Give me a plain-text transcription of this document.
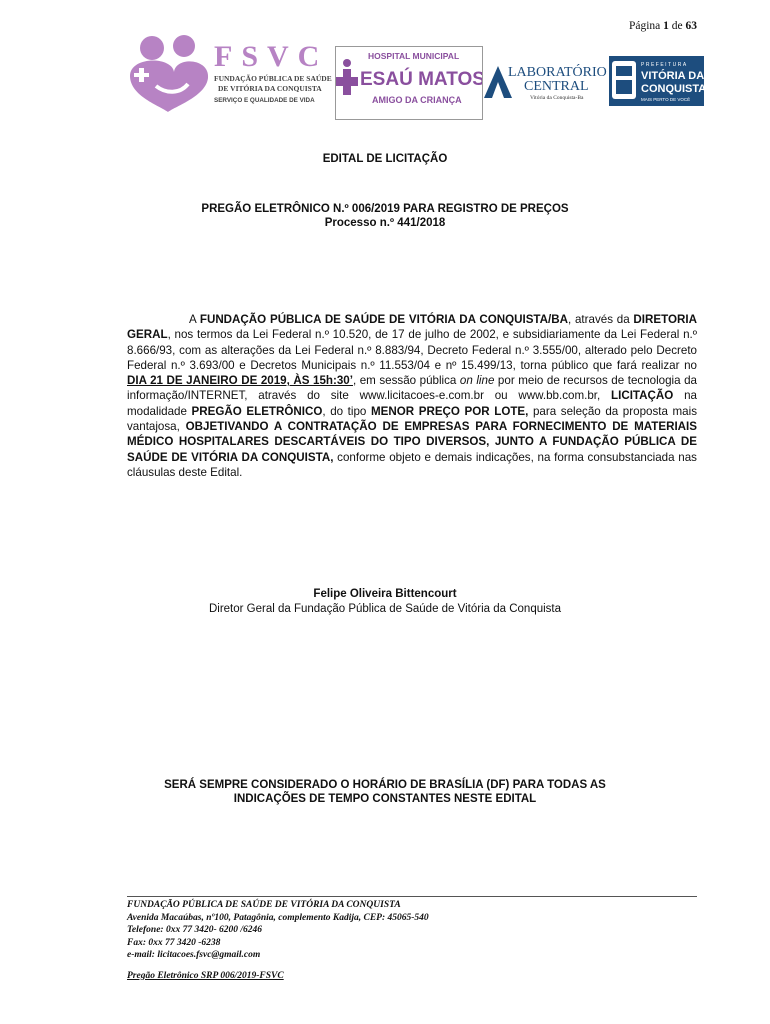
Página 1 de 63
FSVC
FUNDAÇÃO PÚBLICA DE SAÚDE
DE VITÓRIA DA CONQUISTA
SERVIÇO E QUALIDADE DE VIDA
HOSPITAL MUNICIPAL
ESAÚ MATOS
AMIGO DA CRIANÇA
LABORATÓRIO
CENTRAL
Vitória da Conquista-Ba
PREFEITURA
VITÓRIA DA
CONQUISTA
MAIS PERTO DE VOCÊ
EDITAL DE LICITAÇÃO
PREGÃO ELETRÔNICO N.º 006/2019 PARA REGISTRO DE PREÇOS
Processo n.º 441/2018
A FUNDAÇÃO PÚBLICA DE SAÚDE DE VITÓRIA DA CONQUISTA/BA, através da DIRETORIA GERAL, nos termos da Lei Federal n.º 10.520, de 17 de julho de 2002, e subsidiariamente da Lei Federal n.º 8.666/93, com as alterações da Lei Federal n.º 8.883/94, Decreto Federal n.º 3.555/00, alterado pelo Decreto Federal n.º 3.693/00 e Decretos Municipais n.º 11.553/04 e nº 15.499/13, torna público que fará realizar no DIA 21 DE JANEIRO DE 2019, ÀS 15h:30’, em sessão pública on line por meio de recursos de tecnologia da informação/INTERNET, através do site www.licitacoes-e.com.br ou www.bb.com.br, LICITAÇÃO na modalidade PREGÃO ELETRÔNICO, do tipo MENOR PREÇO POR LOTE, para seleção da proposta mais vantajosa, OBJETIVANDO A CONTRATAÇÃO DE EMPRESAS PARA FORNECIMENTO DE MATERIAIS MÉDICO HOSPITALARES DESCARTÁVEIS DO TIPO DIVERSOS, JUNTO A FUNDAÇÃO PÚBLICA DE SAÚDE DE VITÓRIA DA CONQUISTA, conforme objeto e demais indicações, na forma consubstanciada nas cláusulas deste Edital.
Felipe Oliveira Bittencourt
Diretor Geral da Fundação Pública de Saúde de Vitória da Conquista
SERÁ SEMPRE CONSIDERADO O HORÁRIO DE BRASÍLIA (DF) PARA TODAS AS
INDICAÇÕES DE TEMPO CONSTANTES NESTE EDITAL
FUNDAÇÃO PÚBLICA DE SAÚDE DE VITÓRIA DA CONQUISTA
Avenida Macaúbas, nº100, Patagônia, complemento Kadija, CEP: 45065-540
Telefone: 0xx 77 3420- 6200 /6246
Fax: 0xx 77 3420 -6238
e-mail: licitacoes.fsvc@gmail.com
Pregão Eletrônico SRP 006/2019-FSVC
